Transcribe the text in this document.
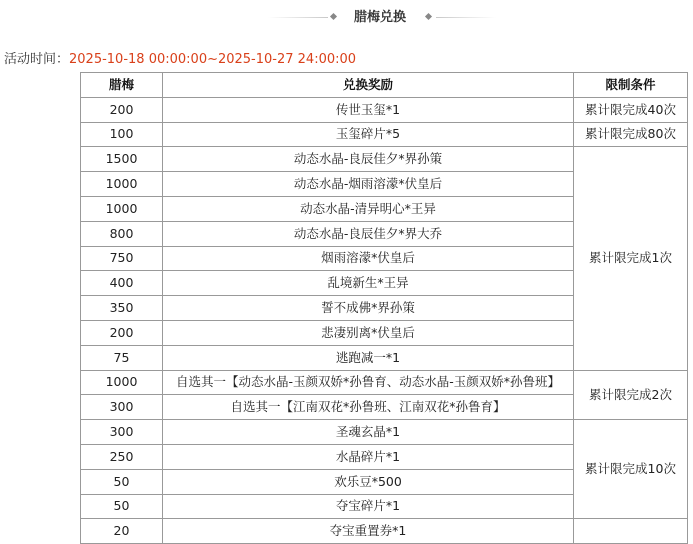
腊梅兑换
活动时间：2025-10-18 00:00:00~2025-10-27 24:00:00
腊梅	兑换奖励	限制条件
200	传世玉玺*1	累计限完成40次
100	玉玺碎片*5	累计限完成80次
1500	动态水晶-良辰佳夕*界孙策	累计限完成1次
1000	动态水晶-烟雨溶濛*伏皇后	
1000	动态水晶-清异明心*王异	
800	动态水晶-良辰佳夕*界大乔	
750	烟雨溶濛*伏皇后	
400	乱境新生*王异	
350	誓不成佛*界孙策	
200	悲凄别离*伏皇后	
75	逃跑减一*1	
1000	自选其一【动态水晶-玉颜双娇*孙鲁育、动态水晶-玉颜双娇*孙鲁班】	累计限完成2次
300	自选其一【江南双花*孙鲁班、江南双花*孙鲁育】	
300	圣魂玄晶*1	累计限完成10次
250	水晶碎片*1	
50	欢乐豆*500	
50	夺宝碎片*1	
20	夺宝重置券*1	
